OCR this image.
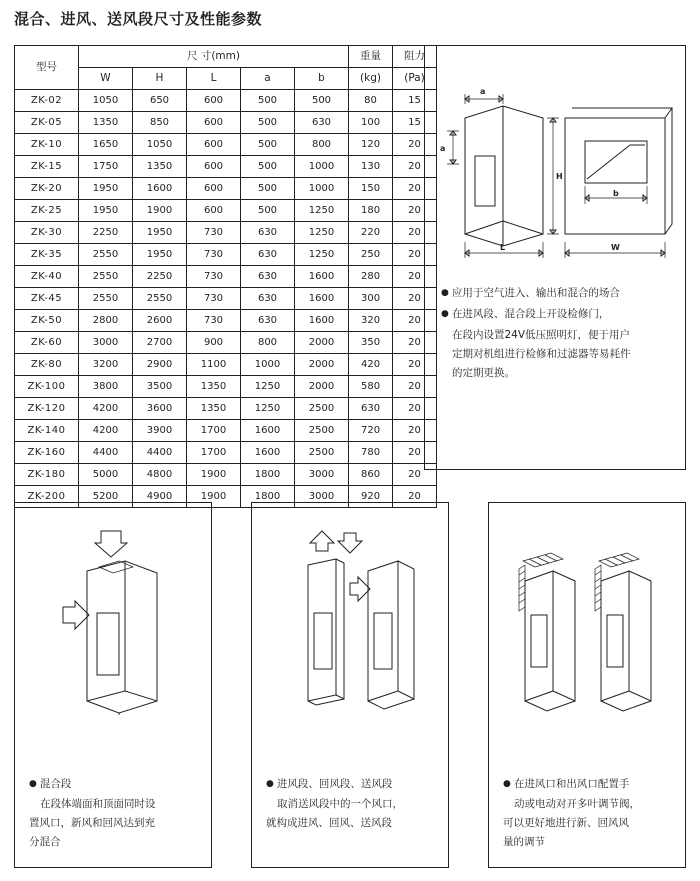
混合、进风、送风段尺寸及性能参数
型号	尺 寸(mm)					重量	阻力
	W	H	L	a	b	(kg)	(Pa)
ZK-02	1050	650	600	500	500	80	15
ZK-05	1350	850	600	500	630	100	15
ZK-10	1650	1050	600	500	800	120	20
ZK-15	1750	1350	600	500	1000	130	20
ZK-20	1950	1600	600	500	1000	150	20
ZK-25	1950	1900	600	500	1250	180	20
ZK-30	2250	1950	730	630	1250	220	20
ZK-35	2550	1950	730	630	1250	250	20
ZK-40	2550	2250	730	630	1600	280	20
ZK-45	2550	2550	730	630	1600	300	20
ZK-50	2800	2600	730	630	1600	320	20
ZK-60	3000	2700	900	800	2000	350	20
ZK-80	3200	2900	1100	1000	2000	420	20
ZK-100	3800	3500	1350	1250	2000	580	20
ZK-120	4200	3600	1350	1250	2500	630	20
ZK-140	4200	3900	1700	1600	2500	720	20
ZK-160	4400	4400	1700	1600	2500	780	20
ZK-180	5000	4800	1900	1800	3000	860	20
ZK-200	5200	4900	1900	1800	3000	920	20
a
a
L
b
W
H
● 应用于空气进入、输出和混合的场合
● 在进风段、混合段上开设检修门，
在段内设置24V低压照明灯，便于用户
定期对机组进行检修和过滤器等易耗件
的定期更换。
● 混合段
在段体端面和顶面同时设
置风口，新风和回风达到充
分混合
● 进风段、回风段、送风段
取消送风段中的一个风口，
就构成进风、回风、送风段
● 在进风口和出风口配置手
动或电动对开多叶调节阀，
可以更好地进行新、回风风
量的调节
